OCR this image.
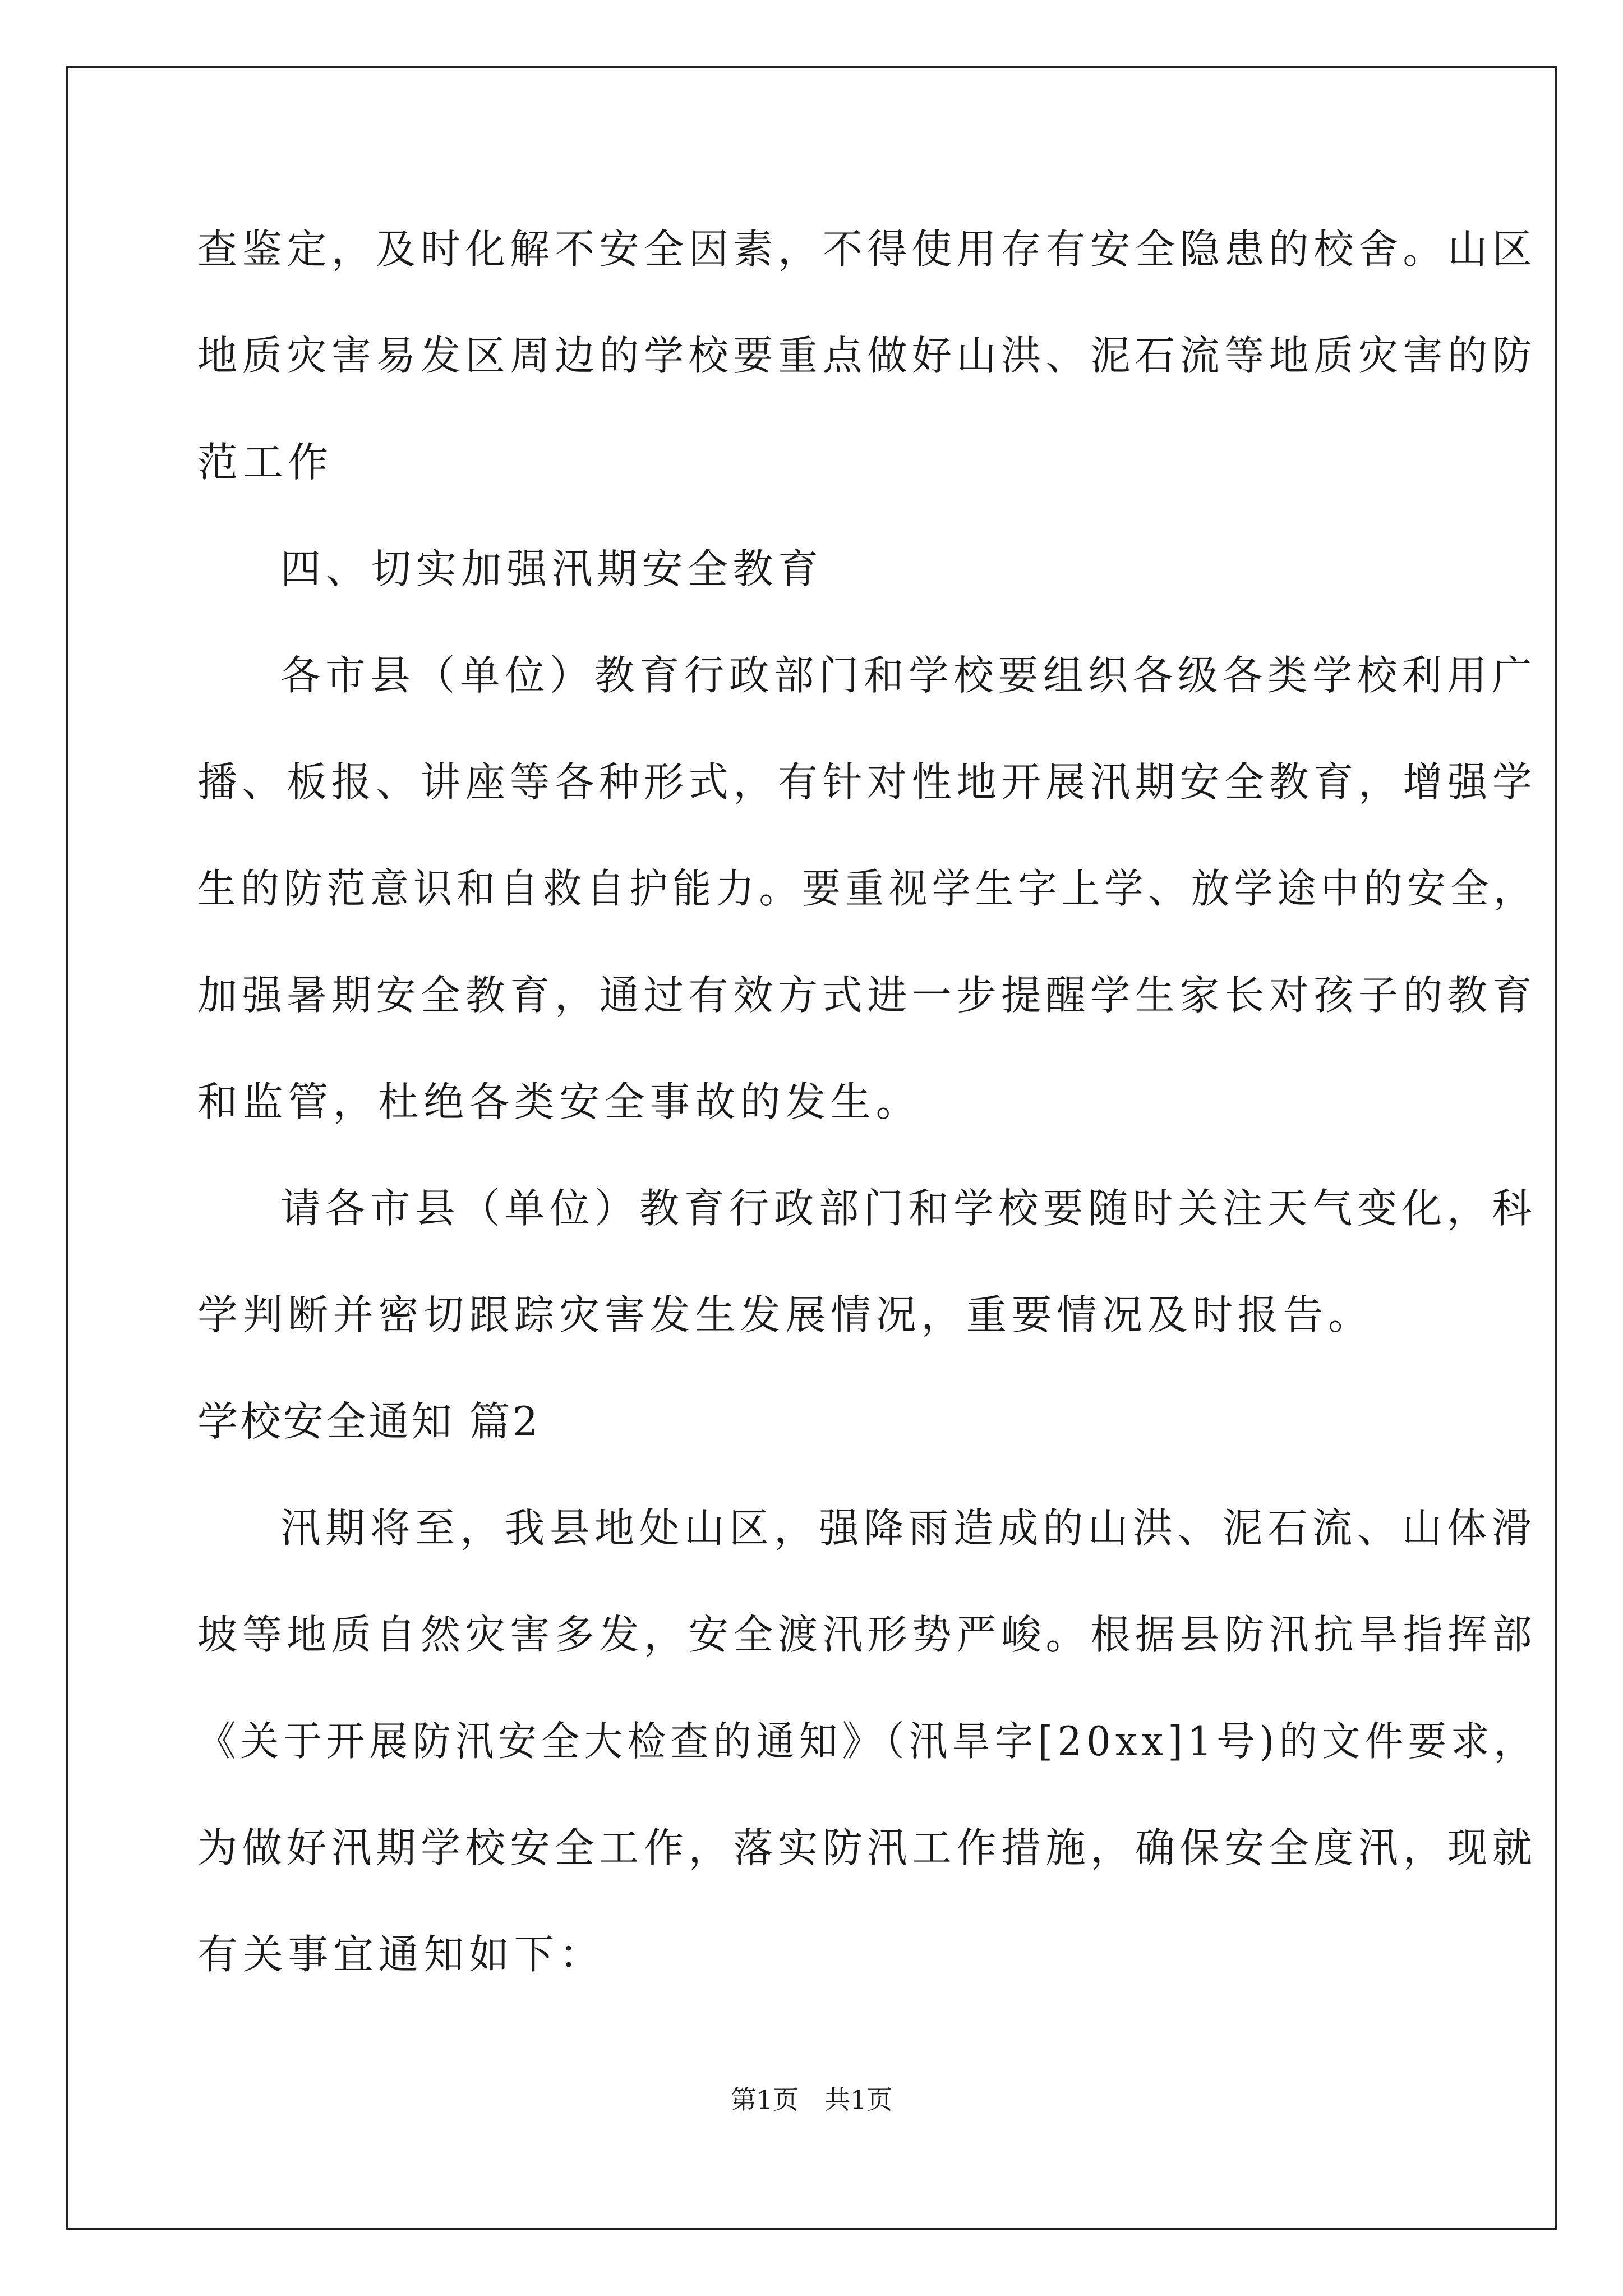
查鉴定，及时化解不安全因素，不得使用存有安全隐患的校舍。山区
地质灾害易发区周边的学校要重点做好山洪、泥石流等地质灾害的防
范工作
四、切实加强汛期安全教育
各市县（单位）教育行政部门和学校要组织各级各类学校利用广
播、板报、讲座等各种形式，有针对性地开展汛期安全教育，增强学
生的防范意识和自救自护能力。要重视学生字上学、放学途中的安全，
加强暑期安全教育，通过有效方式进一步提醒学生家长对孩子的教育
和监管，杜绝各类安全事故的发生。
请各市县（单位）教育行政部门和学校要随时关注天气变化，科
学判断并密切跟踪灾害发生发展情况，重要情况及时报告。
学校安全通知 篇2
汛期将至，我县地处山区，强降雨造成的山洪、泥石流、山体滑
坡等地质自然灾害多发，安全渡汛形势严峻。根据县防汛抗旱指挥部
《关于开展防汛安全大检查的通知》（汛旱字[20xx]1号)的文件要求，
为做好汛期学校安全工作，落实防汛工作措施，确保安全度汛，现就
有关事宜通知如下：
第1页　共1页
